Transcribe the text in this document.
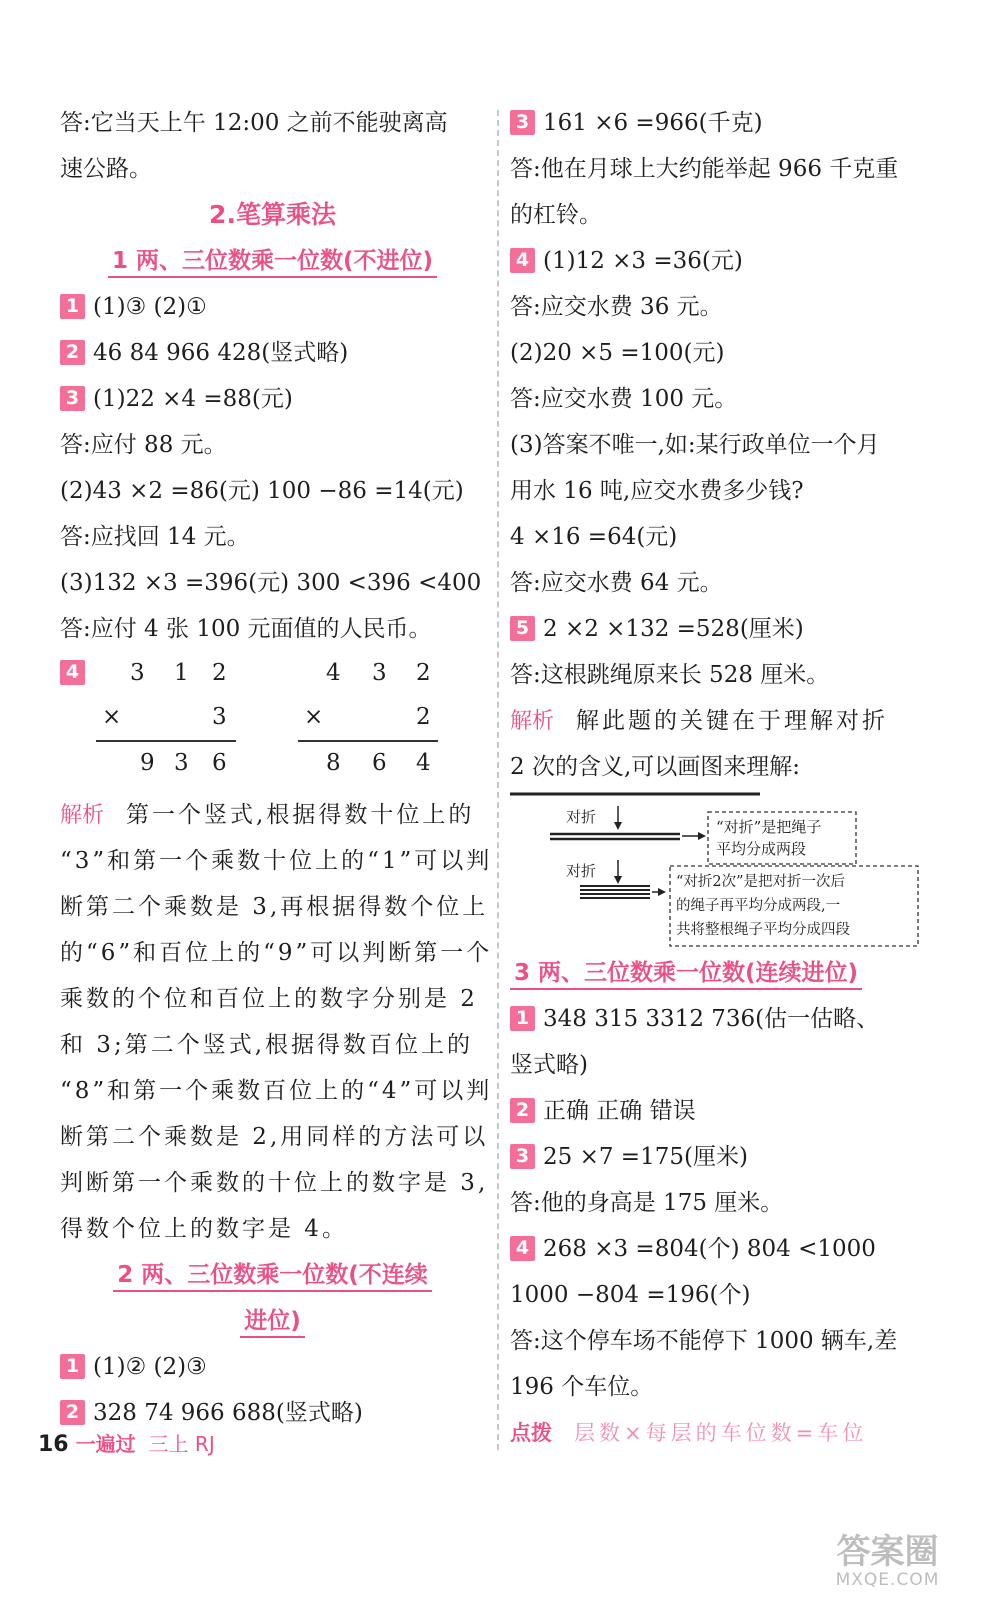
答:它当天上午 12:00 之前不能驶离高
速公路。
2.笔算乘法
1 两、三位数乘一位数(不进位)
1 (1)③ (2)①
2 46 84 966 428(竖式略)
3 (1)22 ×4 =88(元)
答:应付 88 元。
(2)43 ×2 =86(元) 100 −86 =14(元)
答:应找回 14 元。
(3)132 ×3 =396(元) 300 <396 <400
答:应付 4 张 100 元面值的人民币。
4 3 1 2
×	3
9 3 6
4 3 2
×	2
8 6 4
解析 第一个竖式,根据得数十位上的
“3”和第一个乘数十位上的“1”可以判
断第二个乘数是 3,再根据得数个位上
的“6”和百位上的“9”可以判断第一个
乘数的个位和百位上的数字分别是 2
和 3;第二个竖式,根据得数百位上的
“8”和第一个乘数百位上的“4”可以判
断第二个乘数是 2,用同样的方法可以
判断第一个乘数的十位上的数字是 3,
得数个位上的数字是 4。
2 两、三位数乘一位数(不连续
进位)
1 (1)② (2)③
2 328 74 966 688(竖式略)
3 161 ×6 =966(千克)
答:他在月球上大约能举起 966 千克重
的杠铃。
4 (1)12 ×3 =36(元)
答:应交水费 36 元。
(2)20 ×5 =100(元)
答:应交水费 100 元。
(3)答案不唯一,如:某行政单位一个月
用水 16 吨,应交水费多少钱?
4 ×16 =64(元)
答:应交水费 64 元。
5 2 ×2 ×132 =528(厘米)
答:这根跳绳原来长 528 厘米。
解析 解此题的关键在于理解对折
2 次的含义,可以画图来理解:
对折
“对折”是把绳子
平均分成两段
对折
“对折2次”是把对折一次后
的绳子再平均分成两段,一
共将整根绳子平均分成四段
3 两、三位数乘一位数(连续进位)
1 348 315 3312 736(估一估略、
竖式略)
2 正确 正确 错误
3 25 ×7 =175(厘米)
答:他的身高是 175 厘米。
4 268 ×3 =804(个) 804 <1000
1000 −804 =196(个)
答:这个停车场不能停下 1000 辆车,差
196 个车位。
点拨 层数×每层的车位数=车位
16 一遍过 三上 RJ
答案圈
MXQE.COM
